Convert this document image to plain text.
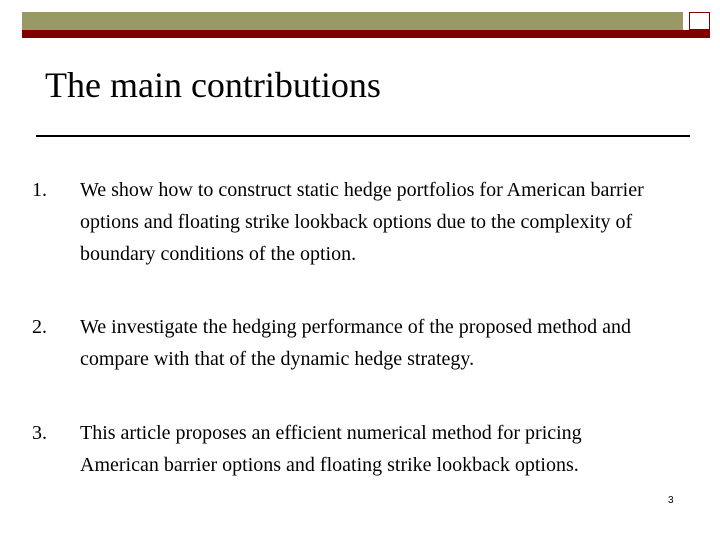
The main contributions
1. We show how to construct static hedge portfolios for American barrier
options and floating strike lookback options due to the complexity of
boundary conditions of the option.
2. We investigate the hedging performance of the proposed method and
compare with that of the dynamic hedge strategy.
3. This article proposes an efficient numerical method for pricing
American barrier options and floating strike lookback options.
3
